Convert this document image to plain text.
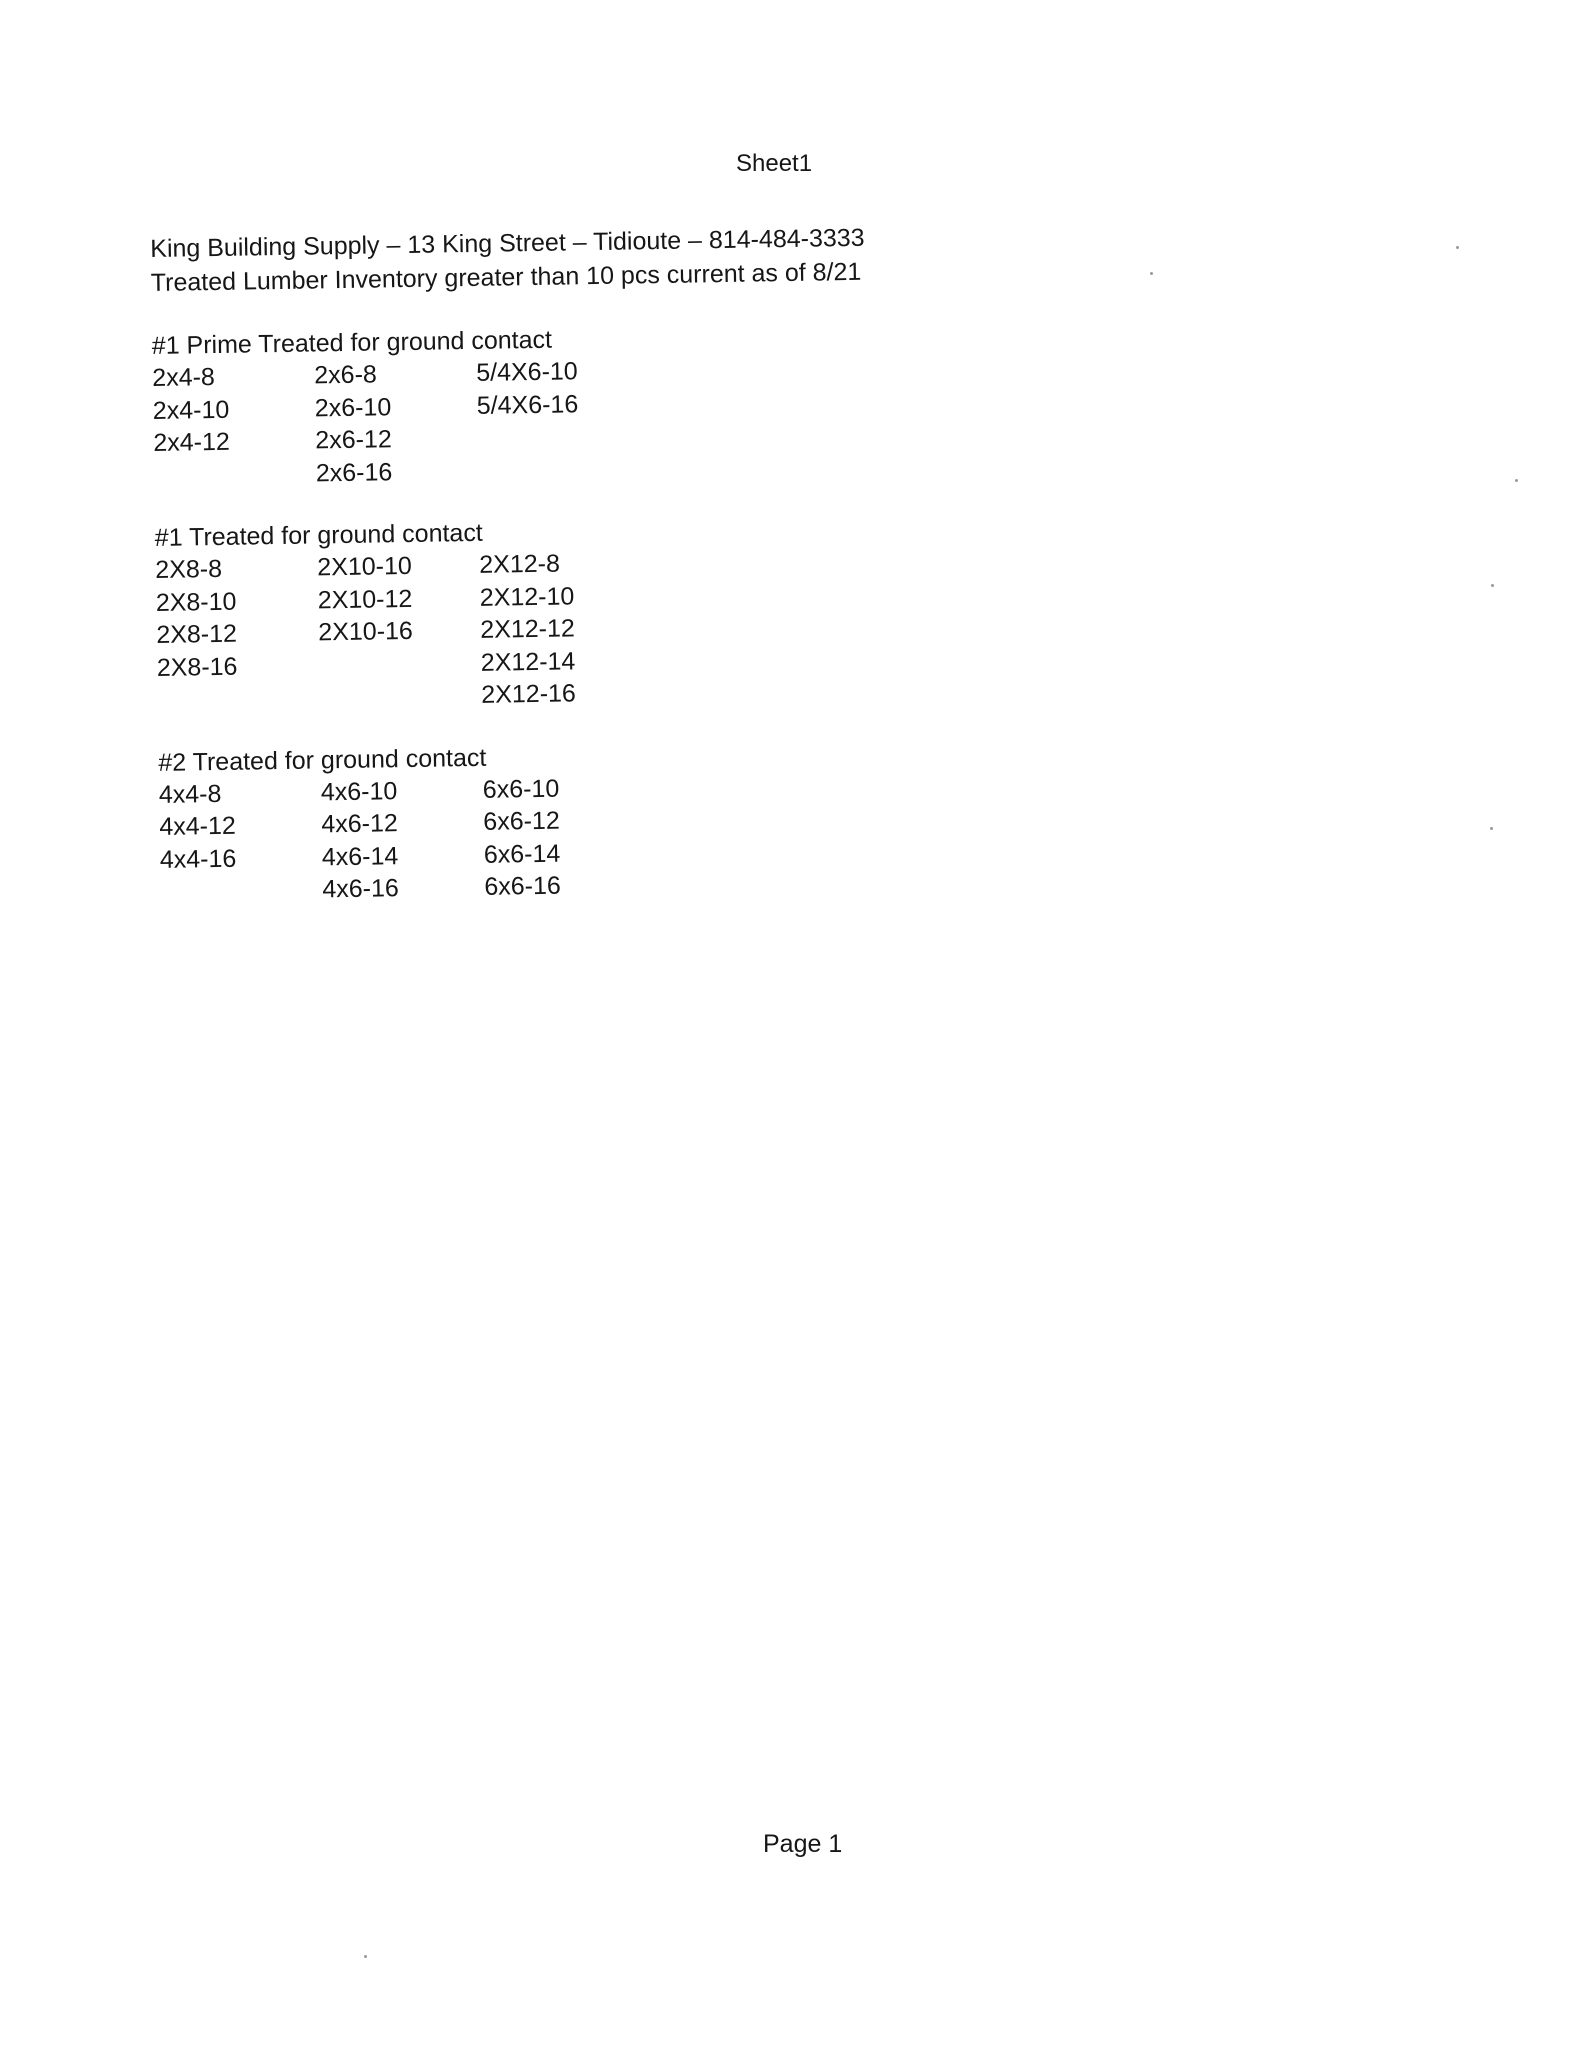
Sheet1
King Building Supply – 13 King Street – Tidioute – 814-484-3333
Treated Lumber Inventory greater than 10 pcs current as of 8/21
#1 Prime Treated for ground contact
2x4-8
2x4-10
2x4-12
2x6-8
2x6-10
2x6-12
2x6-16
5/4X6-10
5/4X6-16
#1 Treated for ground contact
2X8-8
2X8-10
2X8-12
2X8-16
2X10-10
2X10-12
2X10-16
2X12-8
2X12-10
2X12-12
2X12-14
2X12-16
#2 Treated for ground contact
4x4-8
4x4-12
4x4-16
4x6-10
4x6-12
4x6-14
4x6-16
6x6-10
6x6-12
6x6-14
6x6-16
Page 1
